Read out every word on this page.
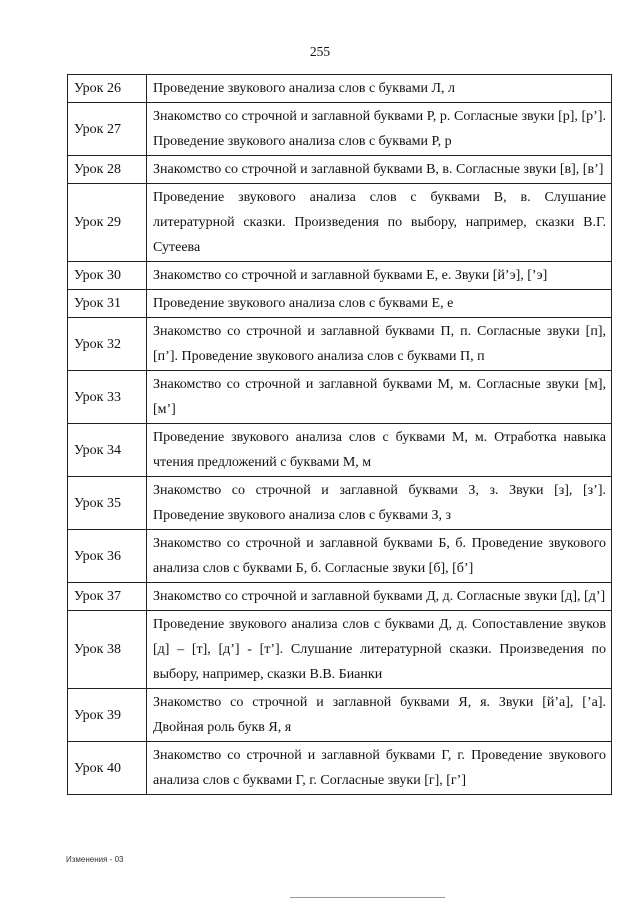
255
Урок 26	Проведение звукового анализа слов с буквами Л, л
Урок 27	Знакомство со строчной и заглавной буквами Р, р. Согласные звуки [р], [р’]. Проведение звукового анализа слов с буквами Р, р
Урок 28	Знакомство со строчной и заглавной буквами В, в. Согласные звуки [в], [в’]
Урок 29	Проведение звукового анализа слов с буквами В, в. Слушание литературной сказки. Произведения по выбору, например, сказки В.Г. Сутеева
Урок 30	Знакомство со строчной и заглавной буквами Е, е. Звуки [й’э], [’э]
Урок 31	Проведение звукового анализа слов с буквами Е, е
Урок 32	Знакомство со строчной и заглавной буквами П, п. Согласные звуки [п], [п’]. Проведение звукового анализа слов с буквами П, п
Урок 33	Знакомство со строчной и заглавной буквами М, м. Согласные звуки [м], [м’]
Урок 34	Проведение звукового анализа слов с буквами М, м. Отработка навыка чтения предложений с буквами М, м
Урок 35	Знакомство со строчной и заглавной буквами З, з. Звуки [з], [з’]. Проведение звукового анализа слов с буквами З, з
Урок 36	Знакомство со строчной и заглавной буквами Б, б. Проведение звукового анализа слов с буквами Б, б. Согласные звуки [б], [б’]
Урок 37	Знакомство со строчной и заглавной буквами Д, д. Согласные звуки [д], [д’]
Урок 38	Проведение звукового анализа слов с буквами Д, д. Сопоставление звуков [д] – [т], [д’] - [т’]. Слушание литературной сказки. Произведения по выбору, например, сказки В.В. Бианки
Урок 39	Знакомство со строчной и заглавной буквами Я, я. Звуки [й’а], [’а]. Двойная роль букв Я, я
Урок 40	Знакомство со строчной и заглавной буквами Г, г. Проведение звукового анализа слов с буквами Г, г. Согласные звуки [г], [г’]
Изменения - 03
